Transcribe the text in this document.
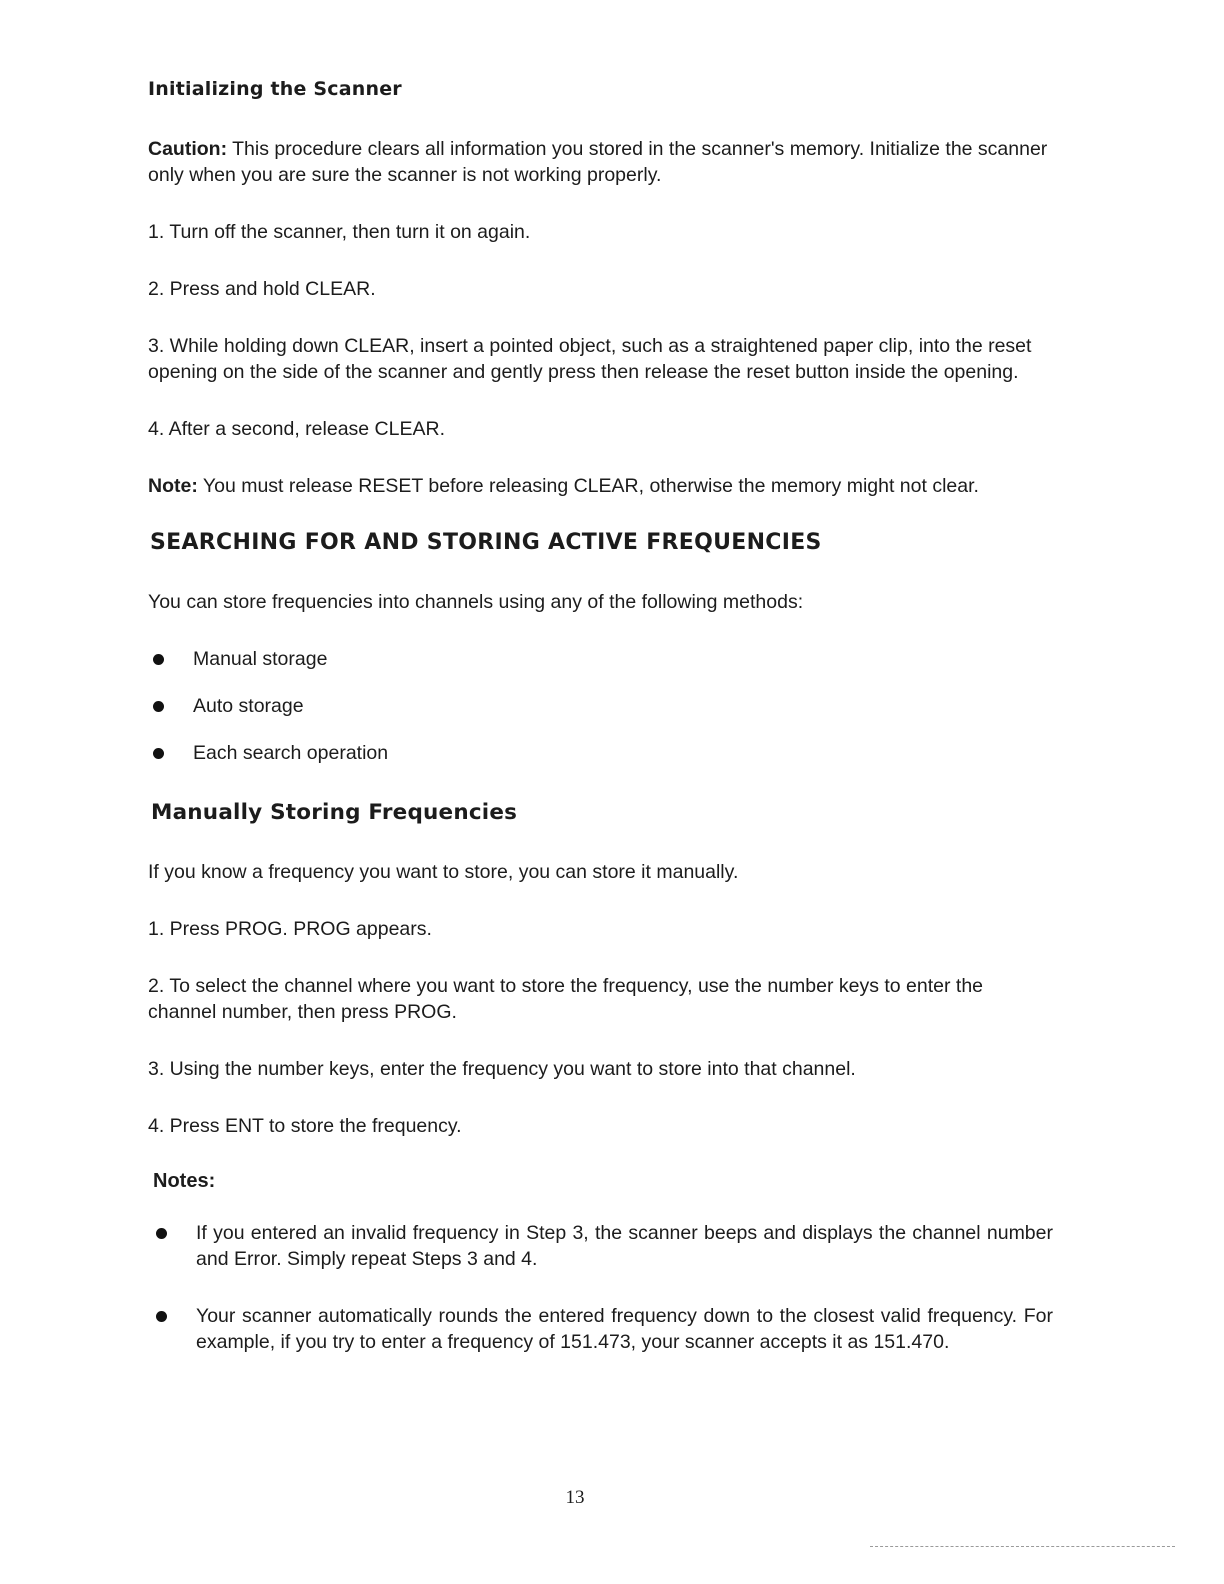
Initializing the Scanner

Caution: This procedure clears all information you stored in the scanner's memory. Initialize the scanner only when you are sure the scanner is not working properly.

1. Turn off the scanner, then turn it on again.

2. Press and hold CLEAR.

3. While holding down CLEAR, insert a pointed object, such as a straightened paper clip, into the reset opening on the side of the scanner and gently press then release the reset button inside the opening.

4. After a second, release CLEAR.

Note: You must release RESET before releasing CLEAR, otherwise the memory might not clear.

SEARCHING FOR AND STORING ACTIVE FREQUENCIES

You can store frequencies into channels using any of the following methods:

Manual storage
Auto storage
Each search operation
Manually Storing Frequencies

If you know a frequency you want to store, you can store it manually.

1. Press PROG. PROG appears.

2. To select the channel where you want to store the frequency, use the number keys to enter the channel number, then press PROG.

3. Using the number keys, enter the frequency you want to store into that channel.

4. Press ENT to store the frequency.

Notes:
If you entered an invalid frequency in Step 3, the scanner beeps and displays the channel number and Error. Simply repeat Steps 3 and 4.
Your scanner automatically rounds the entered frequency down to the closest valid frequency. For example, if you try to enter a frequency of 151.473, your scanner accepts it as 151.470.
13
